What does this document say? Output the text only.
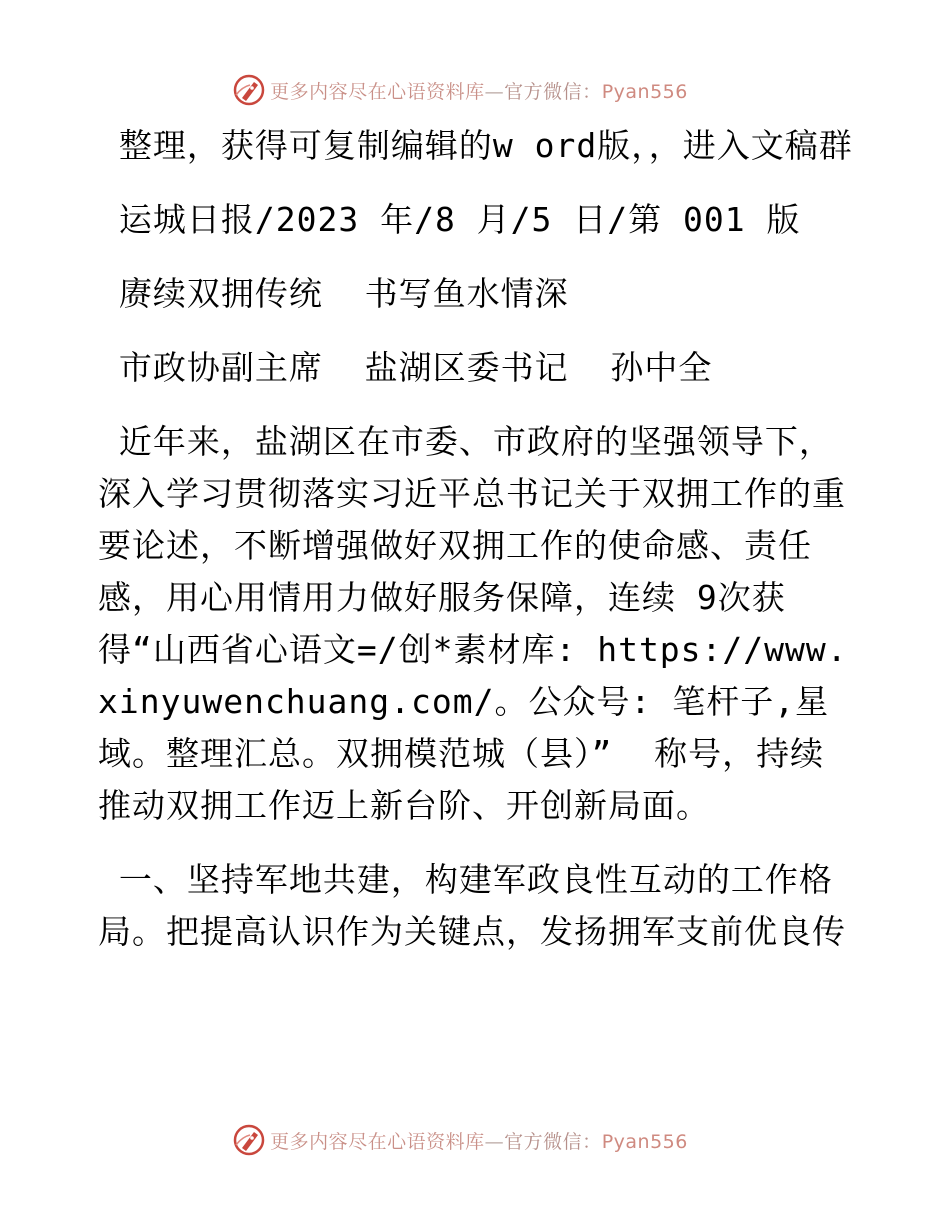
更多内容尽在心语资料库—官方微信：Pyan556

整理，获得可复制编辑的w ord版，，进入文稿群

运城日报/2023 年/8 月/5 日/第 001 版

赓续双拥传统  书写鱼水情深

市政协副主席  盐湖区委书记  孙中全

近年来，盐湖区在市委、市政府的坚强领导下，深入学习贯彻落实习近平总书记关于双拥工作的重要论述，不断增强做好双拥工作的使命感、责任感，用心用情用力做好服务保障，连续 9次获得“山西省心语文=/创*素材库: https://www.xinyuwenchuang.com/。公众号: 笔杆子,星域。整理汇总。双拥模范城（县）”  称号，持续推动双拥工作迈上新台阶、开创新局面。

一、坚持军地共建，构建军政良性互动的工作格局。把提高认识作为关键点，发扬拥军支前优良传

更多内容尽在心语资料库—官方微信：Pyan556
